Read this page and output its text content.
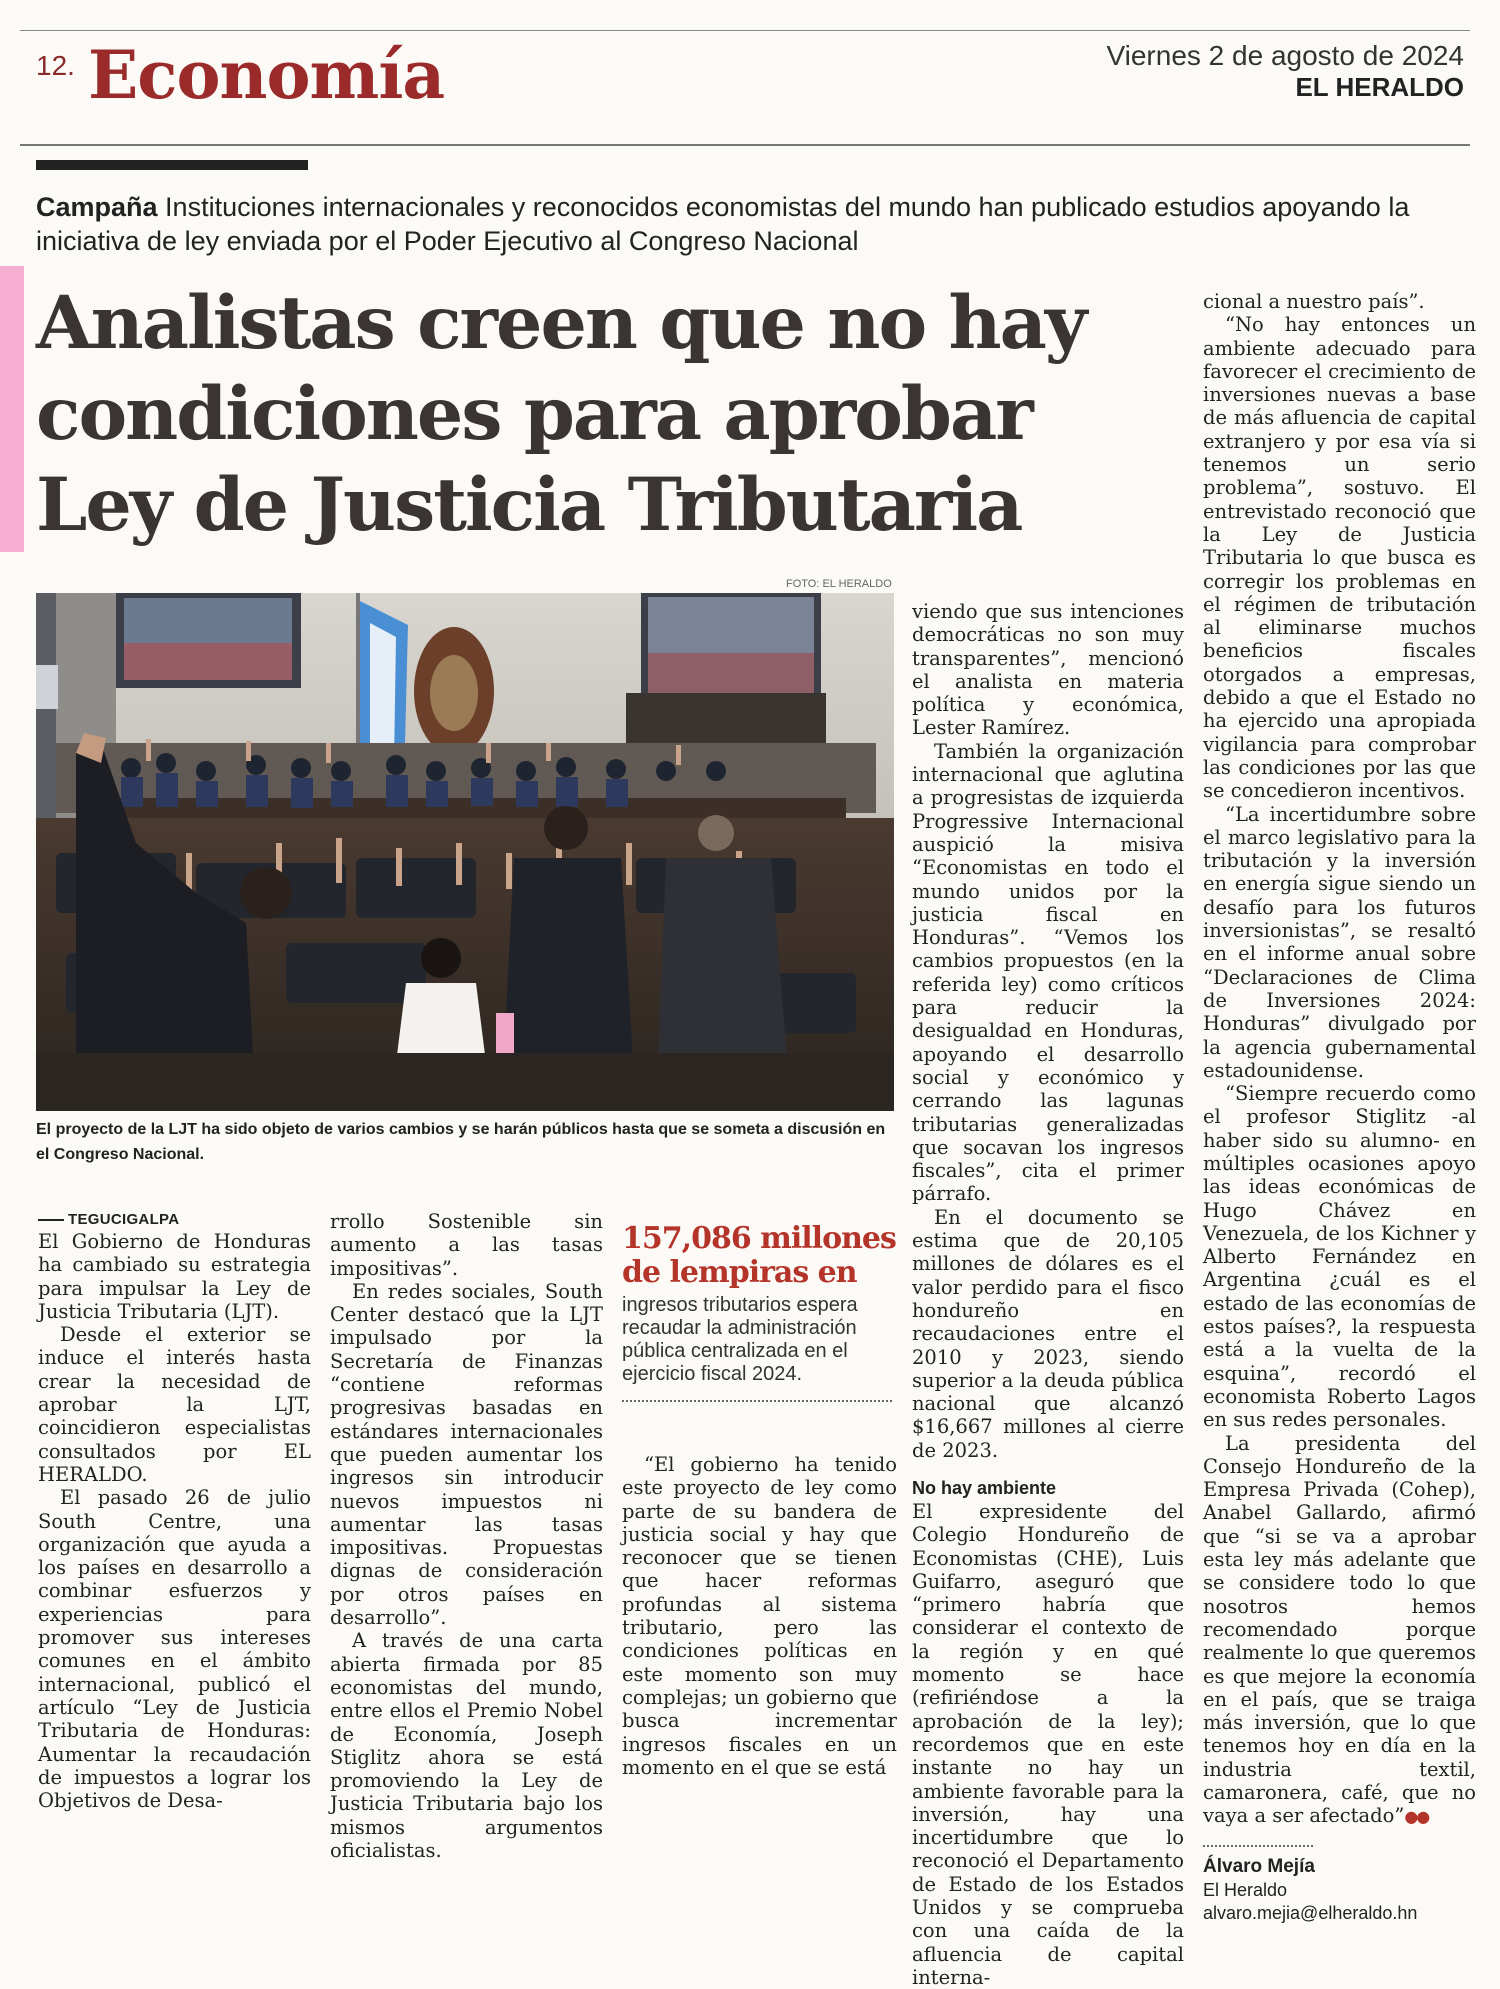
12. Economía	Viernes 2 de agosto de 2024
EL HERALDO
Campaña Instituciones internacionales y reconocidos economistas del mundo han publicado estudios apoyando la iniciativa de ley enviada por el Poder Ejecutivo al Congreso Nacional
Analistas creen que no hay condiciones para aprobar Ley de Justicia Tributaria
FOTO: EL HERALDO
El proyecto de la LJT ha sido objeto de varios cambios y se harán públicos hasta que se someta a discusión en el Congreso Nacional.
TEGUCIGALPA

El Gobierno de Honduras ha cambiado su estrategia para impulsar la Ley de Justicia Tributaria (LJT).

Desde el exterior se induce el interés hasta crear la necesidad de aprobar la LJT, coincidieron especialistas consultados por EL HERALDO.

El pasado 26 de julio South Centre, una organización que ayuda a los países en desarrollo a combinar esfuerzos y experiencias para promover sus intereses comunes en el ámbito internacional, publicó el artículo “Ley de Justicia Tributaria de Honduras: Aumentar la recaudación de impuestos a lograr los Objetivos de Desa-

rrollo Sostenible sin aumento a las tasas impositivas”.

En redes sociales, South Center destacó que la LJT impulsado por la Secretaría de Finanzas “contiene reformas progresivas basadas en estándares internacionales que pueden aumentar los ingresos sin introducir nuevos impuestos ni aumentar las tasas impositivas. Propuestas dignas de consideración por otros países en desarrollo”.

A través de una carta abierta firmada por 85 economistas del mundo, entre ellos el Premio Nobel de Economía, Joseph Stiglitz ahora se está promoviendo la Ley de Justicia Tributaria bajo los mismos argumentos oficialistas.

157,086 millones de lempiras en
ingresos tributarios espera recaudar la administración pública centralizada en el ejercicio fiscal 2024.

“El gobierno ha tenido este proyecto de ley como parte de su bandera de justicia social y hay que reconocer que se tienen que hacer reformas profundas al sistema tributario, pero las condiciones políticas en este momento son muy complejas; un gobierno que busca incrementar ingresos fiscales en un momento en el que se está

viendo que sus intenciones democráticas no son muy transparentes”, mencionó el analista en materia política y económica, Lester Ramírez.

También la organización internacional que aglutina a progresistas de izquierda Progressive Internacional auspició la misiva “Economistas en todo el mundo unidos por la justicia fiscal en Honduras”. “Vemos los cambios propuestos (en la referida ley) como críticos para reducir la desigualdad en Honduras, apoyando el desarrollo social y económico y cerrando las lagunas tributarias generalizadas que socavan los ingresos fiscales”, cita el primer párrafo.

En el documento se estima que de 20,105 millones de dólares es el valor perdido para el fisco hondureño en recaudaciones entre el 2010 y 2023, siendo superior a la deuda pública nacional que alcanzó $16,667 millones al cierre de 2023.

No hay ambiente

El expresidente del Colegio Hondureño de Economistas (CHE), Luis Guifarro, aseguró que “primero habría que considerar el contexto de la región y en qué momento se hace (refiriéndose a la aprobación de la ley); recordemos que en este instante no hay un ambiente favorable para la inversión, hay una incertidumbre que lo reconoció el Departamento de Estado de los Estados Unidos y se comprueba con una caída de la afluencia de capital interna-

cional a nuestro país”.

“No hay entonces un ambiente adecuado para favorecer el crecimiento de inversiones nuevas a base de más afluencia de capital extranjero y por esa vía si tenemos un serio problema”, sostuvo. El entrevistado reconoció que la Ley de Justicia Tributaria lo que busca es corregir los problemas en el régimen de tributación al eliminarse muchos beneficios fiscales otorgados a empresas, debido a que el Estado no ha ejercido una apropiada vigilancia para comprobar las condiciones por las que se concedieron incentivos.

“La incertidumbre sobre el marco legislativo para la tributación y la inversión en energía sigue siendo un desafío para los futuros inversionistas”, se resaltó en el informe anual sobre “Declaraciones de Clima de Inversiones 2024: Honduras” divulgado por la agencia gubernamental estadounidense.

“Siempre recuerdo como el profesor Stiglitz -al haber sido su alumno- en múltiples ocasiones apoyo las ideas económicas de Hugo Chávez en Venezuela, de los Kichner y Alberto Fernández en Argentina ¿cuál es el estado de las economías de estos países?, la respuesta está a la vuelta de la esquina”, recordó el economista Roberto Lagos en sus redes personales.

La presidenta del Consejo Hondureño de la Empresa Privada (Cohep), Anabel Gallardo, afirmó que “si se va a aprobar esta ley más adelante que se considere todo lo que nosotros hemos recomendado porque realmente lo que queremos es que mejore la economía en el país, que se traiga más inversión, que lo que tenemos hoy en día en la industria textil, camaronera, café, que no vaya a ser afectado”●●

Álvaro Mejía
El Heraldo
alvaro.mejia@elheraldo.hn
